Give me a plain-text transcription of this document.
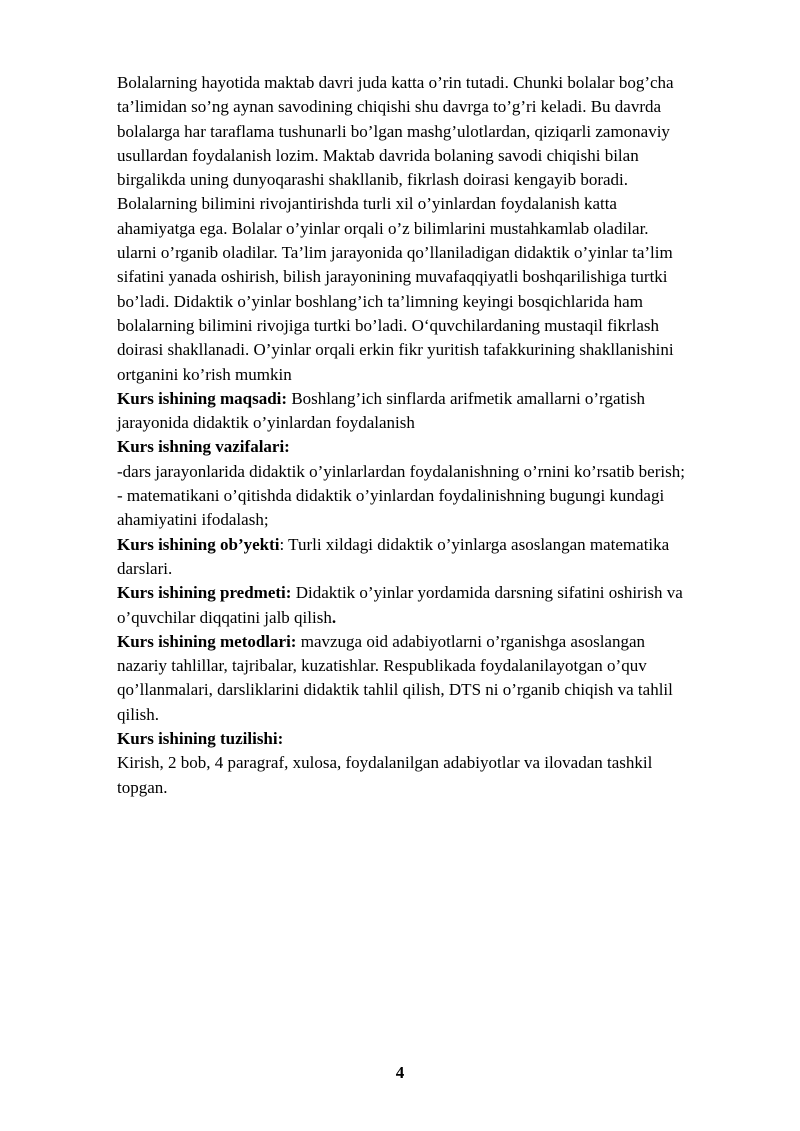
Bolalarning hayotida maktab davri juda katta o’rin tutadi. Chunki bolalar bog’cha
ta’limidan so’ng aynan savodining chiqishi shu davrga to’g’ri keladi. Bu davrda
bolalarga har taraflama tushunarli bo’lgan mashg’ulotlardan, qiziqarli zamonaviy
usullardan foydalanish lozim. Maktab davrida bolaning savodi chiqishi bilan
birgalikda uning dunyoqarashi shakllanib, fikrlash doirasi kengayib boradi.
Bolalarning bilimini rivojantirishda turli xil o’yinlardan foydalanish katta
ahamiyatga ega. Bolalar o’yinlar orqali o’z bilimlarini mustahkamlab oladilar.
ularni o’rganib oladilar. Ta’lim jarayonida qo’llaniladigan didaktik o’yinlar ta’lim
sifatini yanada oshirish, bilish jarayonining muvafaqqiyatli boshqarilishiga turtki
bo’ladi. Didaktik o’yinlar boshlang’ich ta’limning keyingi bosqichlarida ham
bolalarning bilimini rivojiga turtki bo’ladi. O‘quvchilardaning mustaqil fikrlash
doirasi shakllanadi. O’yinlar orqali erkin fikr yuritish tafakkurining shakllanishini
ortganini ko’rish mumkin
Kurs ishining maqsadi: Boshlang’ich sinflarda arifmetik amallarni o’rgatish
jarayonida didaktik o’yinlardan foydalanish
Kurs ishning vazifalari:
-dars jarayonlarida didaktik o’yinlarlardan foydalanishning o’rnini ko’rsatib berish;
- matematikani o’qitishda didaktik o’yinlardan foydalinishning bugungi kundagi
ahamiyatini ifodalash;
Kurs ishining ob’yekti: Turli xildagi didaktik o’yinlarga asoslangan matematika
darslari.
Kurs ishining predmeti: Didaktik o’yinlar yordamida darsning sifatini oshirish va
o’quvchilar diqqatini jalb qilish.
Kurs ishining metodlari: mavzuga oid adabiyotlarni o’rganishga asoslangan
nazariy tahlillar, tajribalar, kuzatishlar. Respublikada foydalanilayotgan o’quv
qo’llanmalari, darsliklarini didaktik tahlil qilish, DTS ni o’rganib chiqish va tahlil
qilish.
Kurs ishining tuzilishi:
Kirish, 2 bob, 4 paragraf, xulosa, foydalanilgan adabiyotlar va ilovadan tashkil
topgan.
4
